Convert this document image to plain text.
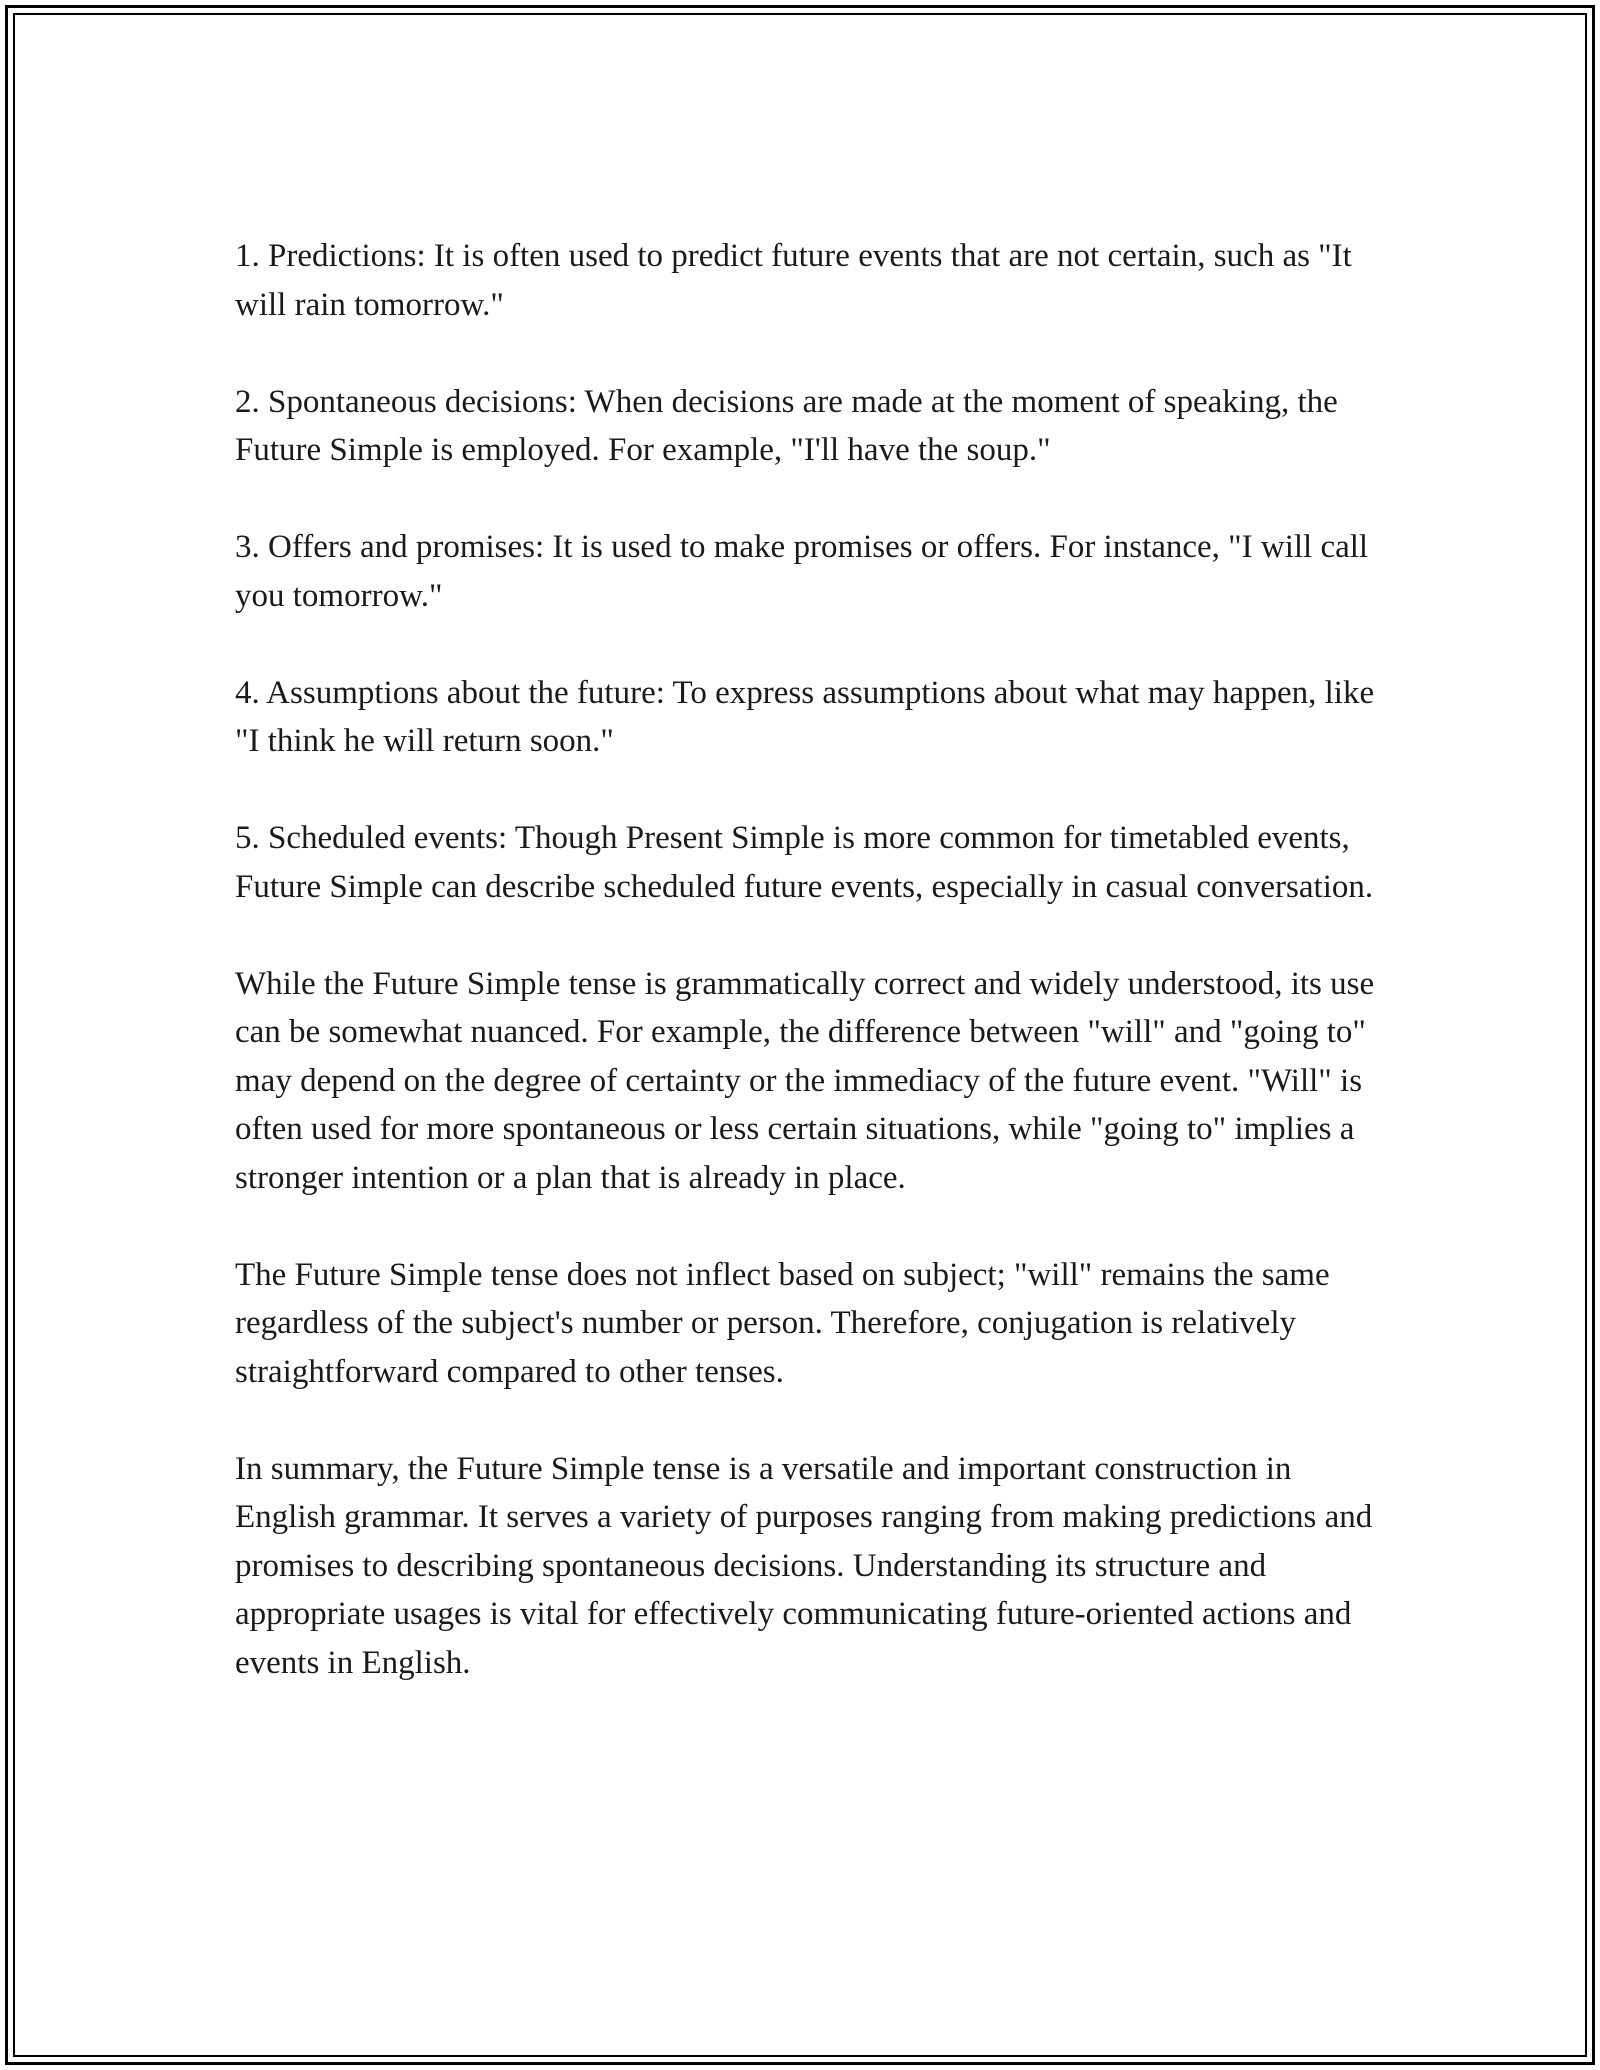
1. Predictions: It is often used to predict future events that are not certain, such as "It will rain tomorrow."

2. Spontaneous decisions: When decisions are made at the moment of speaking, the Future Simple is employed. For example, "I'll have the soup."

3. Offers and promises: It is used to make promises or offers. For instance, "I will call you tomorrow."

4. Assumptions about the future: To express assumptions about what may happen, like "I think he will return soon."

5. Scheduled events: Though Present Simple is more common for timetabled events, Future Simple can describe scheduled future events, especially in casual conversation.

While the Future Simple tense is grammatically correct and widely understood, its use can be somewhat nuanced. For example, the difference between "will" and "going to" may depend on the degree of certainty or the immediacy of the future event. "Will" is often used for more spontaneous or less certain situations, while "going to" implies a stronger intention or a plan that is already in place.

The Future Simple tense does not inflect based on subject; "will" remains the same regardless of the subject's number or person. Therefore, conjugation is relatively straightforward compared to other tenses.

In summary, the Future Simple tense is a versatile and important construction in English grammar. It serves a variety of purposes ranging from making predictions and promises to describing spontaneous decisions. Understanding its structure and appropriate usages is vital for effectively communicating future-oriented actions and events in English.
